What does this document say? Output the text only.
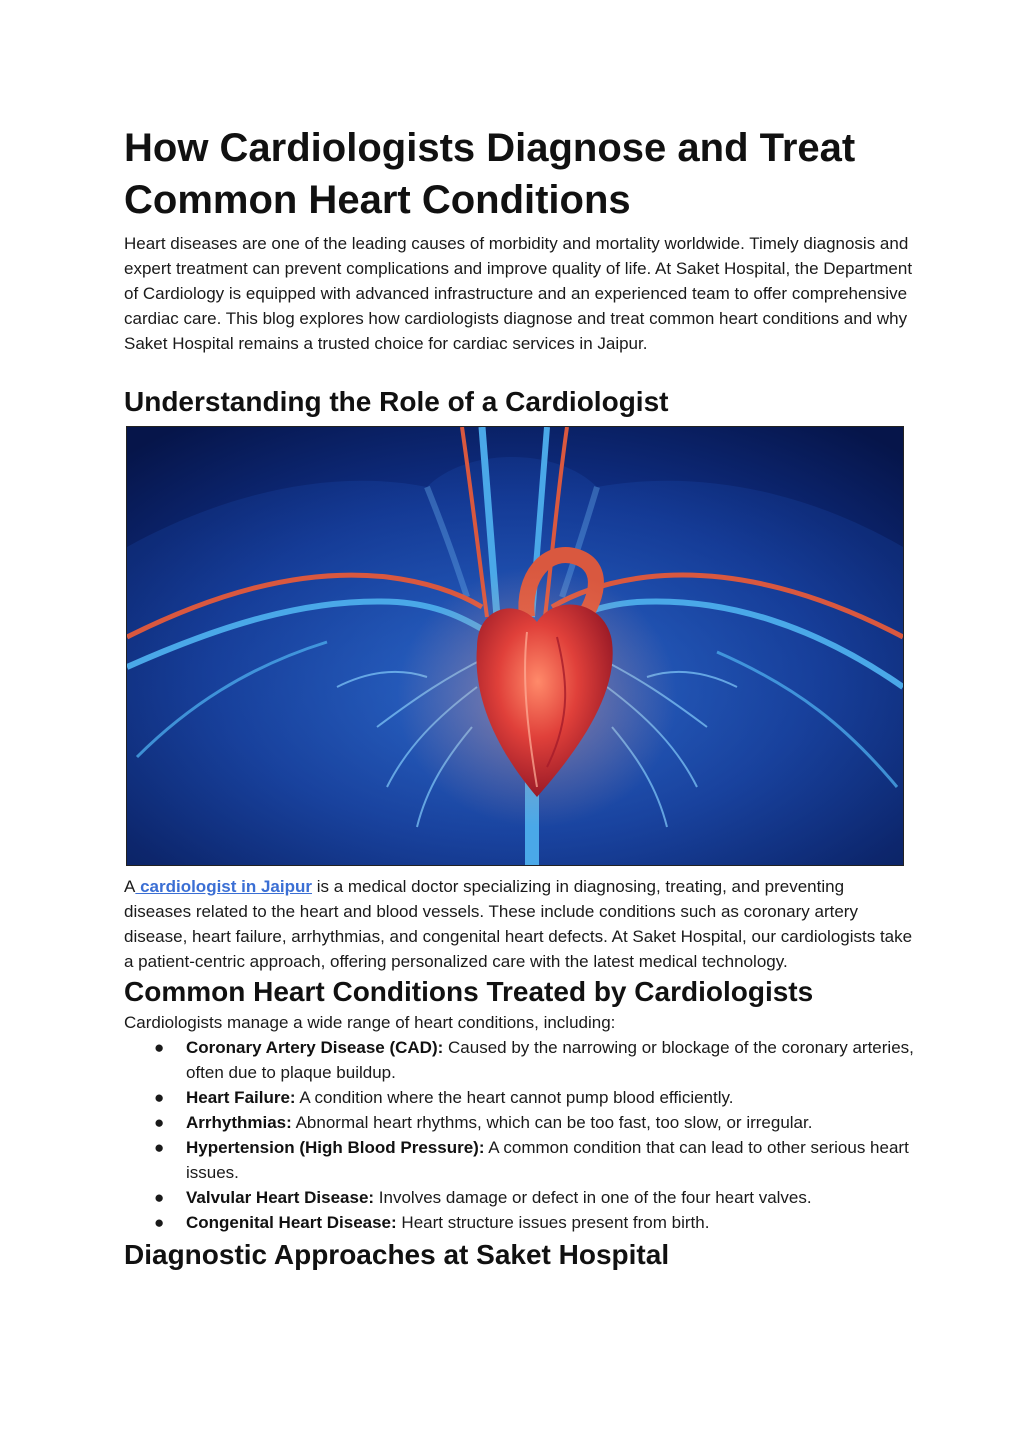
How Cardiologists Diagnose and Treat Common Heart Conditions

Heart diseases are one of the leading causes of morbidity and mortality worldwide. Timely diagnosis and expert treatment can prevent complications and improve quality of life. At Saket Hospital, the Department of Cardiology is equipped with advanced infrastructure and an experienced team to offer comprehensive cardiac care. This blog explores how cardiologists diagnose and treat common heart conditions and why Saket Hospital remains a trusted choice for cardiac services in Jaipur.

Understanding the Role of a Cardiologist

A cardiologist in Jaipur is a medical doctor specializing in diagnosing, treating, and preventing diseases related to the heart and blood vessels. These include conditions such as coronary artery disease, heart failure, arrhythmias, and congenital heart defects. At Saket Hospital, our cardiologists take a patient-centric approach, offering personalized care with the latest medical technology.

Common Heart Conditions Treated by Cardiologists

Cardiologists manage a wide range of heart conditions, including:

● Coronary Artery Disease (CAD): Caused by the narrowing or blockage of the coronary arteries, often due to plaque buildup.
● Heart Failure: A condition where the heart cannot pump blood efficiently.
● Arrhythmias: Abnormal heart rhythms, which can be too fast, too slow, or irregular.
● Hypertension (High Blood Pressure): A common condition that can lead to other serious heart issues.
● Valvular Heart Disease: Involves damage or defect in one of the four heart valves.
● Congenital Heart Disease: Heart structure issues present from birth.
Diagnostic Approaches at Saket Hospital
